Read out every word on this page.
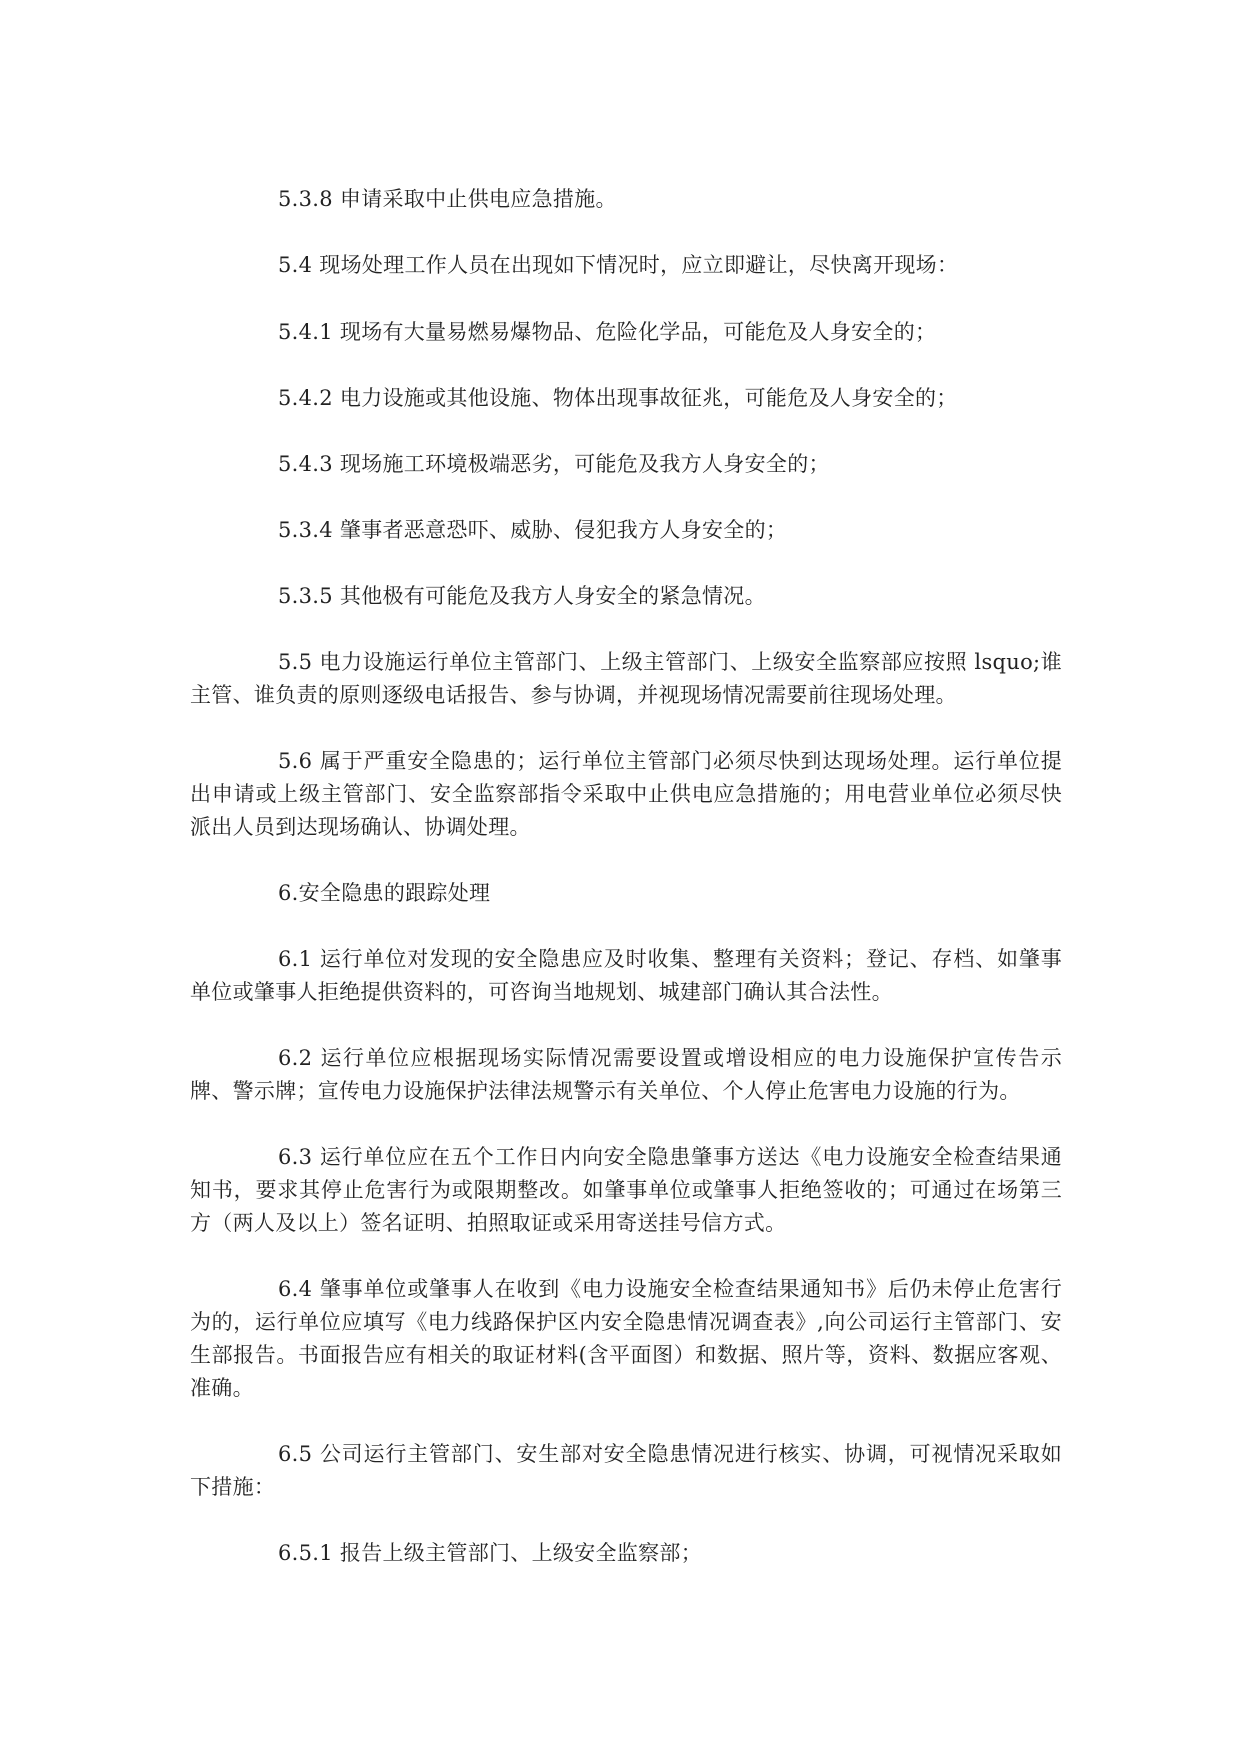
5.3.8 申请采取中止供电应急措施。

5.4 现场处理工作人员在出现如下情况时，应立即避让，尽快离开现场：

5.4.1 现场有大量易燃易爆物品、危险化学品，可能危及人身安全的；

5.4.2 电力设施或其他设施、物体出现事故征兆，可能危及人身安全的；

5.4.3 现场施工环境极端恶劣，可能危及我方人身安全的；

5.3.4 肇事者恶意恐吓、威胁、侵犯我方人身安全的；

5.3.5 其他极有可能危及我方人身安全的紧急情况。

5.5 电力设施运行单位主管部门、上级主管部门、上级安全监察部应按照 lsquo;谁主管、谁负责的原则逐级电话报告、参与协调，并视现场情况需要前往现场处理。

5.6 属于严重安全隐患的；运行单位主管部门必须尽快到达现场处理。运行单位提出申请或上级主管部门、安全监察部指令采取中止供电应急措施的；用电营业单位必须尽快派出人员到达现场确认、协调处理。

6.安全隐患的跟踪处理

6.1 运行单位对发现的安全隐患应及时收集、整理有关资料；登记、存档、如肇事单位或肇事人拒绝提供资料的，可咨询当地规划、城建部门确认其合法性。

6.2 运行单位应根据现场实际情况需要设置或增设相应的电力设施保护宣传告示牌、警示牌；宣传电力设施保护法律法规警示有关单位、个人停止危害电力设施的行为。

6.3 运行单位应在五个工作日内向安全隐患肇事方送达《电力设施安全检查结果通知书，要求其停止危害行为或限期整改。如肇事单位或肇事人拒绝签收的；可通过在场第三方（两人及以上）签名证明、拍照取证或采用寄送挂号信方式。

6.4 肇事单位或肇事人在收到《电力设施安全检查结果通知书》后仍未停止危害行为的，运行单位应填写《电力线路保护区内安全隐患情况调查表》,向公司运行主管部门、安生部报告。书面报告应有相关的取证材料(含平面图）和数据、照片等，资料、数据应客观、准确。

6.5 公司运行主管部门、安生部对安全隐患情况进行核实、协调，可视情况采取如下措施：

6.5.1 报告上级主管部门、上级安全监察部；
